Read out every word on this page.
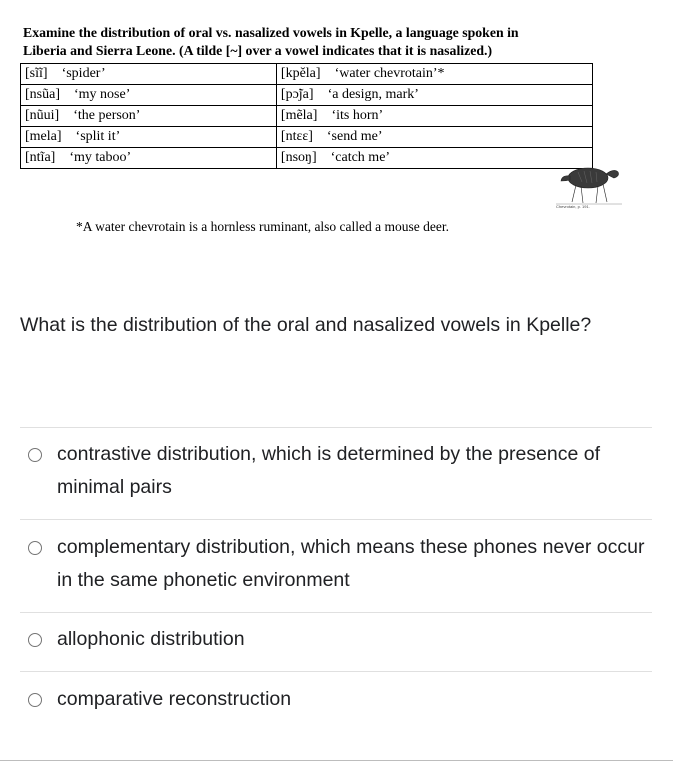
Examine the distribution of oral vs. nasalized vowels in Kpelle, a language spoken in
Liberia and Sierra Leone. (A tilde [~] over a vowel indicates that it is nasalized.)
[sĩĩ] ‘spider’	[kpěla] ‘water chevrotain’*

[nsũa] ‘my nose’	[pɔ̃ja] ‘a design, mark’

[nũui] ‘the person’	[mẽla] ‘its horn’

[mela] ‘split it’	[ntɛɛ] ‘send me’

[ntĩa] ‘my taboo’	[nsoŋ] ‘catch me’
*A water chevrotain is a hornless ruminant, also called a mouse deer.
Chevrotain, p. 191.
What is the distribution of the oral and nasalized vowels in Kpelle?
contrastive distribution, which is determined by the presence of minimal pairs
complementary distribution, which means these phones never occur in the same phonetic environment
allophonic distribution
comparative reconstruction
